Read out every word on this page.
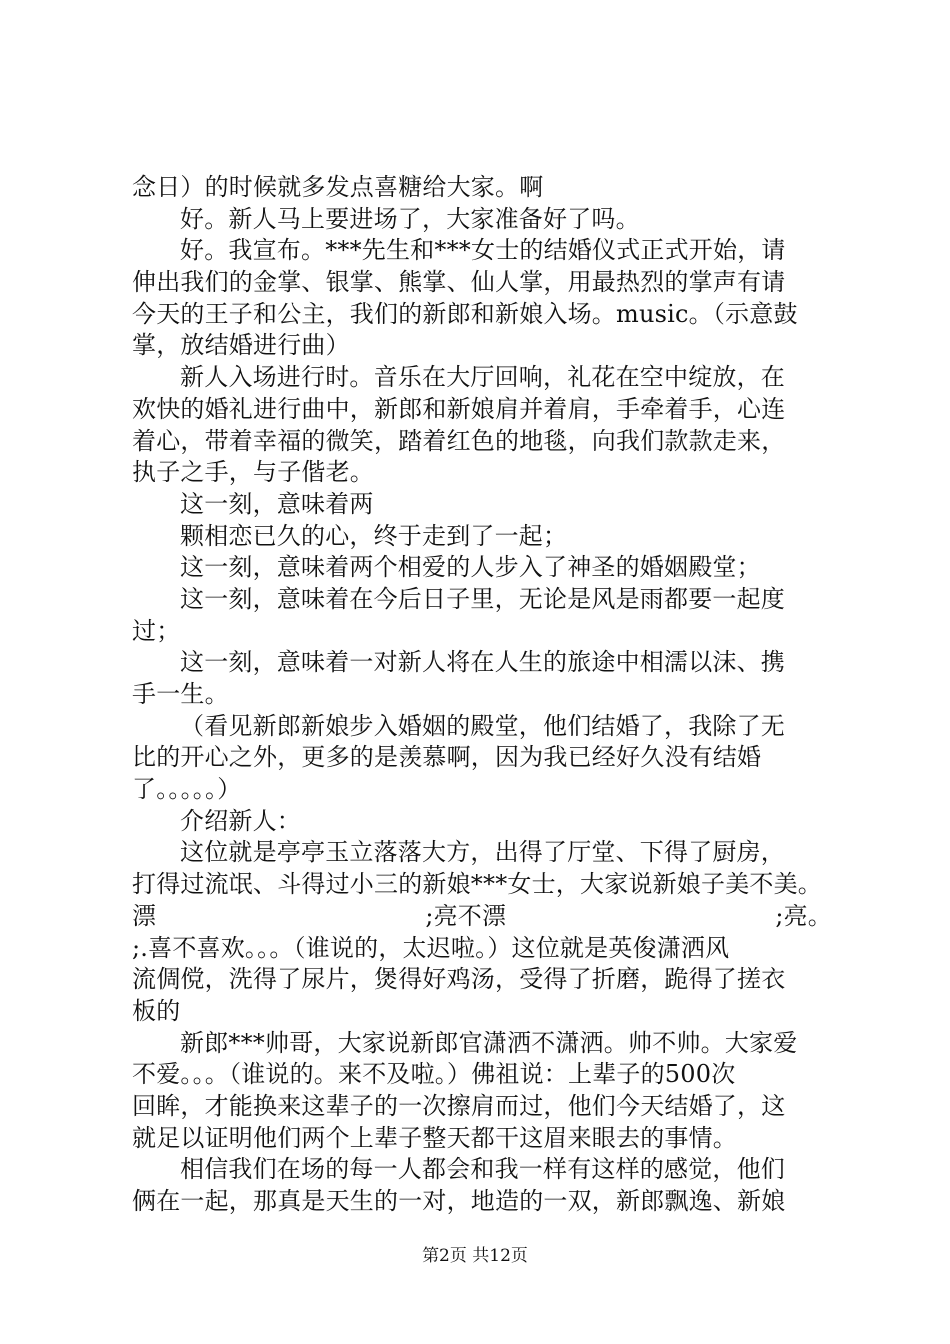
念日）的时候就多发点喜糖给大家。啊
好。新人马上要进场了，大家准备好了吗。
好。我宣布。***先生和***女士的结婚仪式正式开始，请
伸出我们的金掌、银掌、熊掌、仙人掌，用最热烈的掌声有请
今天的王子和公主，我们的新郎和新娘入场。music。（示意鼓
掌，放结婚进行曲）
新人入场进行时。音乐在大厅回响，礼花在空中绽放，在
欢快的婚礼进行曲中，新郎和新娘肩并着肩，手牵着手，心连
着心，带着幸福的微笑，踏着红色的地毯，向我们款款走来，
执子之手，与子偕老。
这一刻，意味着两
颗相恋已久的心，终于走到了一起；
这一刻，意味着两个相爱的人步入了神圣的婚姻殿堂；
这一刻，意味着在今后日子里，无论是风是雨都要一起度
过；
这一刻，意味着一对新人将在人生的旅途中相濡以沫、携
手一生。
（看见新郎新娘步入婚姻的殿堂，他们结婚了，我除了无
比的开心之外，更多的是羡慕啊，因为我已经好久没有结婚
了。。。。。）
介绍新人：
这位就是亭亭玉立落落大方，出得了厅堂、下得了厨房，
打得过流氓、斗得过小三的新娘***女士，大家说新娘子美不美。
漂	;亮不漂	;亮。
;.喜不喜欢。。。（谁说的，太迟啦。）这位就是英俊潇洒风
流倜傥，洗得了尿片，煲得好鸡汤，受得了折磨，跪得了搓衣
板的
新郎***帅哥，大家说新郎官潇洒不潇洒。帅不帅。大家爱
不爱。。。（谁说的。来不及啦。）佛祖说：上辈子的500次
回眸，才能换来这辈子的一次擦肩而过，他们今天结婚了，这
就足以证明他们两个上辈子整天都干这眉来眼去的事情。
相信我们在场的每一人都会和我一样有这样的感觉，他们
俩在一起，那真是天生的一对，地造的一双，新郎飘逸、新娘
第2页 共12页
